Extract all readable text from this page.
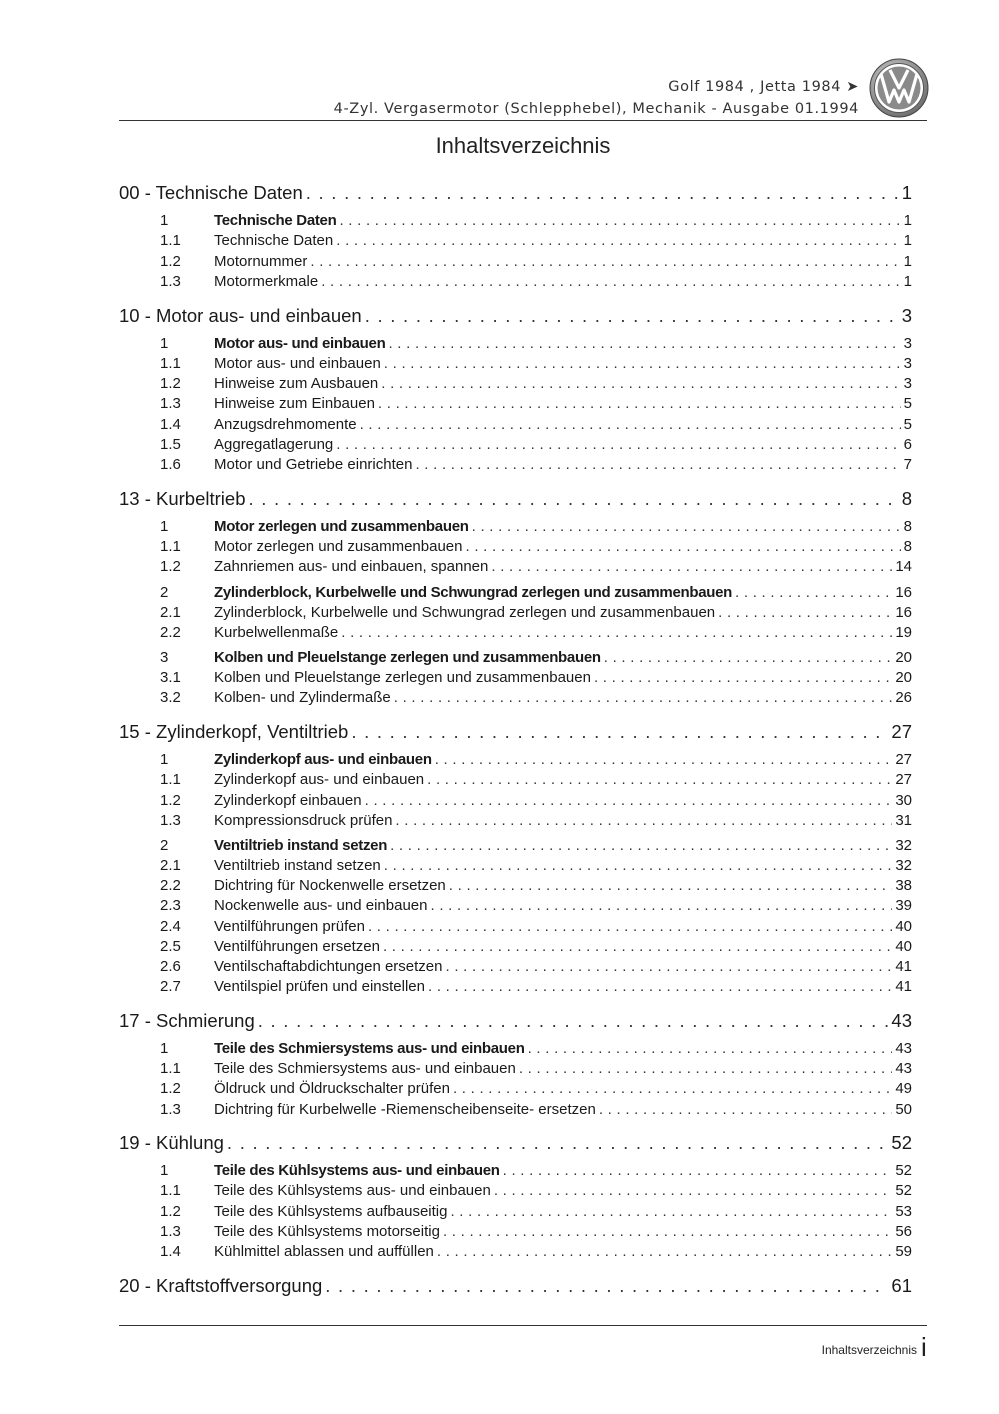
Golf 1984 , Jetta 1984 ➤
4-Zyl. Vergasermotor (Schlepphebel), Mechanik - Ausgabe 01.1994
Inhaltsverzeichnis
00 - Technische Daten . . .	1
1	Technische Daten . . .	1
1.1	Technische Daten . . .	1
1.2	Motornummer . . .	1
1.3	Motormerkmale . . .	1
10 - Motor aus- und einbauen . . .	3
1	Motor aus- und einbauen . . .	3
1.1	Motor aus- und einbauen . . .	3
1.2	Hinweise zum Ausbauen . . .	3
1.3	Hinweise zum Einbauen . . .	5
1.4	Anzugsdrehmomente . . .	5
1.5	Aggregatlagerung . . .	6
1.6	Motor und Getriebe einrichten . . .	7
13 - Kurbeltrieb . . .	8
1	Motor zerlegen und zusammenbauen . . .	8
1.1	Motor zerlegen und zusammenbauen . . .	8
1.2	Zahnriemen aus- und einbauen, spannen . . .	14
2	Zylinderblock, Kurbelwelle und Schwungrad zerlegen und zusammenbauen . . .	16
2.1	Zylinderblock, Kurbelwelle und Schwungrad zerlegen und zusammenbauen . . .	16
2.2	Kurbelwellenmaße . . .	19
3	Kolben und Pleuelstange zerlegen und zusammenbauen . . .	20
3.1	Kolben und Pleuelstange zerlegen und zusammenbauen . . .	20
3.2	Kolben- und Zylindermaße . . .	26
15 - Zylinderkopf, Ventiltrieb . . .	27
1	Zylinderkopf aus- und einbauen . . .	27
1.1	Zylinderkopf aus- und einbauen . . .	27
1.2	Zylinderkopf einbauen . . .	30
1.3	Kompressionsdruck prüfen . . .	31
2	Ventiltrieb instand setzen . . .	32
2.1	Ventiltrieb instand setzen . . .	32
2.2	Dichtring für Nockenwelle ersetzen . . .	38
2.3	Nockenwelle aus- und einbauen . . .	39
2.4	Ventilführungen prüfen . . .	40
2.5	Ventilführungen ersetzen . . .	40
2.6	Ventilschaftabdichtungen ersetzen . . .	41
2.7	Ventilspiel prüfen und einstellen . . .	41
17 - Schmierung . . .	43
1	Teile des Schmiersystems aus- und einbauen . . .	43
1.1	Teile des Schmiersystems aus- und einbauen . . .	43
1.2	Öldruck und Öldruckschalter prüfen . . .	49
1.3	Dichtring für Kurbelwelle -Riemenscheibenseite- ersetzen . . .	50
19 - Kühlung . . .	52
1	Teile des Kühlsystems aus- und einbauen . . .	52
1.1	Teile des Kühlsystems aus- und einbauen . . .	52
1.2	Teile des Kühlsystems aufbauseitig . . .	53
1.3	Teile des Kühlsystems motorseitig . . .	56
1.4	Kühlmittel ablassen und auffüllen . . .	59
20 - Kraftstoffversorgung . . .	61
Inhaltsverzeichnis i
